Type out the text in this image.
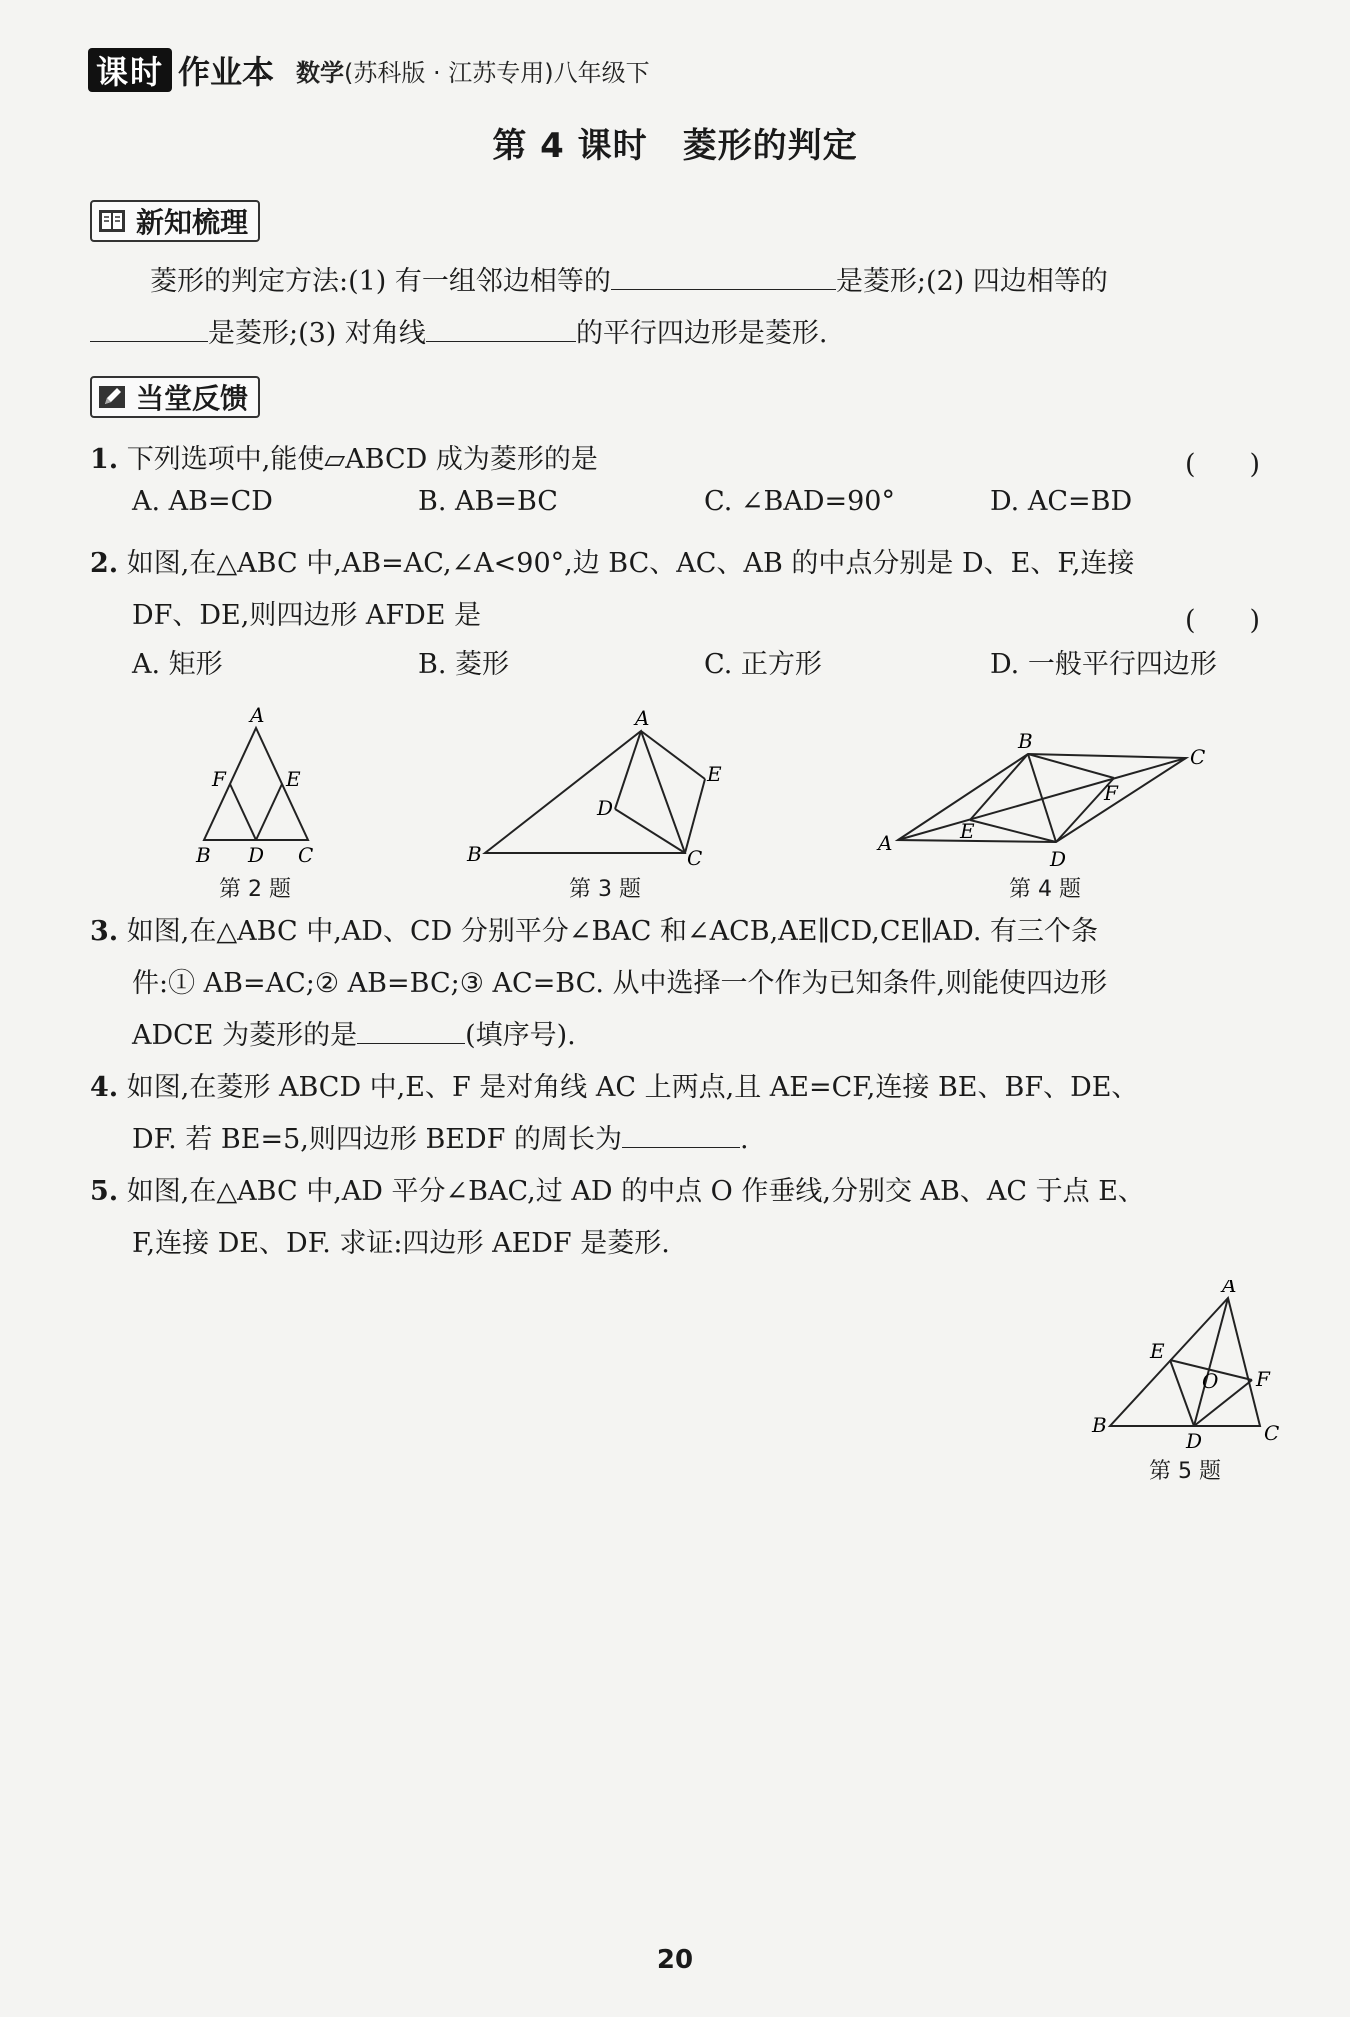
课时 作业本 数学(苏科版 · 江苏专用)八年级下
第 4 课时　菱形的判定
新知梳理
菱形的判定方法:(1) 有一组邻边相等的	是菱形;(2) 四边相等的
是菱形;(3) 对角线	的平行四边形是菱形.
当堂反馈
1. 下列选项中,能使▱ABCD 成为菱形的是	(　　)
A. AB=CD	B. AB=BC	C. ∠BAD=90°	D. AC=BD
2. 如图,在△ABC 中,AB=AC,∠A<90°,边 BC、AC、AB 的中点分别是 D、E、F,连接
DF、DE,则四边形 AFDE 是	(　　)
A. 矩形	B. 菱形	C. 正方形	D. 一般平行四边形
A
F	E
B D C
第 2 题
A
E
D
B	C
第 3 题
B
C
F
E
A
D
第 4 题
3. 如图,在△ABC 中,AD、CD 分别平分∠BAC 和∠ACB,AE∥CD,CE∥AD. 有三个条
件:① AB=AC;② AB=BC;③ AC=BC. 从中选择一个作为已知条件,则能使四边形
ADCE 为菱形的是	(填序号).
4. 如图,在菱形 ABCD 中,E、F 是对角线 AC 上两点,且 AE=CF,连接 BE、BF、DE、
DF. 若 BE=5,则四边形 BEDF 的周长为	.
5. 如图,在△ABC 中,AD 平分∠BAC,过 AD 的中点 O 作垂线,分别交 AB、AC 于点 E、
F,连接 DE、DF. 求证:四边形 AEDF 是菱形.
A
E
F
O
B
D	C
第 5 题
20
